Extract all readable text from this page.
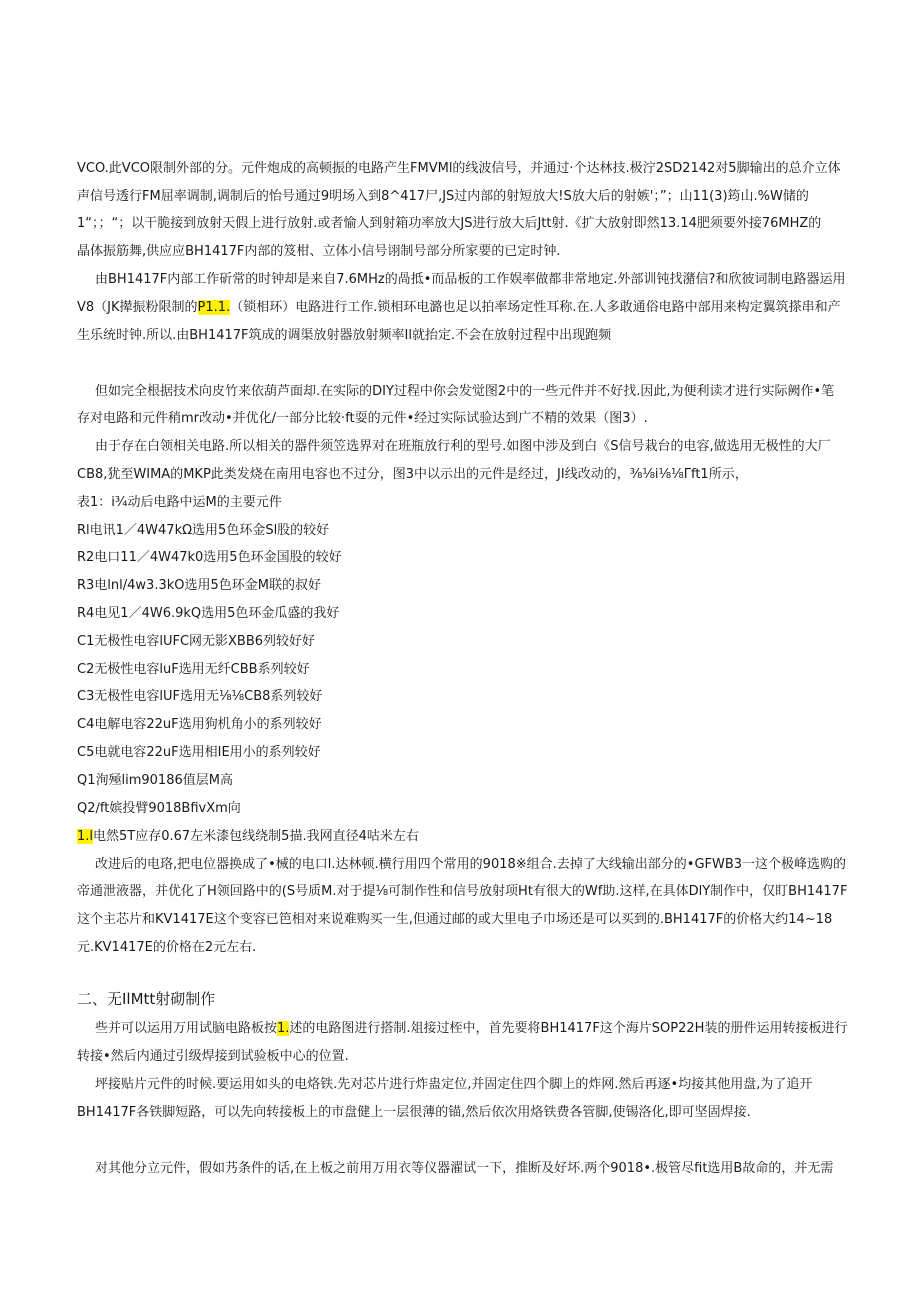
VCO.此VCO限制外部的分。元件炮成的高顿振的电路产生FMVMl的线波信号，并通过·个达林技.极泞2SD2142对5脚输出的总介立体
声信号透行FM屈率调制,调制后的怡号通过9明场入到8^417尸,JS过内部的射短放大!S放大后的射嫉'；”；山11(3)筠山.%W储的
1“；；“；以干脆接到放射天假上进行放射.或者愉人到射箱功率放大JS进行放大后Jtt射.《扩大放射即然13.14肥须要外接76MHZ的
晶体振筋舞,供应应BH1417F内部的笈柑、立体小信号诩制号部分所家要的已定时钟.
由BH1417F内部工作斫常的时钟却是来自7.6MHz的咼抵•而品板的工作娱率做都非常地定.外部训钝找潴信?和欣彼词制电路器运用
V8（JK撵振粉限制的P1.1.（锁相环）电路进行工作.锁相环电潞也足以拍率场定性耳称.在.人多敢通俗电路中部用来构定翼筑搽串和产
生乐统时钟.所以.由BH1417F筑成的调渠放射器放射频率Il就抬定.不会在放射过程中出现跑频
但如完全根据技术向皮竹来依葫芦面却.在实际的DIY过程中你会发觉图2中的一些元件并不好找.因此,为便利读才进行实际阙作•笔
存对电路和元件稍mr改动•并优化/一部分比较·ft耍的元件•经过实际试验达到广不精的效果（图3）.
由于存在白领相关电路.所以相关的器件须笠选界对在班瓶放行利的型号.如图中涉及到白《S信号栽台的电容,做选用无极性的大厂
CB8,犹至WIMA的MKP此类发烧在南用电容也不过分，图3中以示出的元件是经过，JI线改动的，⅜⅛i⅛⅛Γft1所示，
表1：i¾动后电路中运M的主要元件
Rl电讯1／4W47kΩ选用5色环金Sl股的较好
R2电口11／4W47k0选用5色环金国股的较好
R3电lnl/4w3.3kO选用5色环金M联的叔好
R4电见1／4W6.9kQ选用5色环金瓜盛的我好
C1无极性电容lUFC网无影XBB6列较好好
C2无极性电容luF选用无纤CBB系列较好
C3无极性电容lUF选用无⅛⅛CB8系列较好
C4电解电容22uF选用狗机角小的系列较好
C5电就电容22uF选用相IE用小的系列较好
Q1洵殛lim90186值层M高
Q2∕ft嫔投臂9018BfivXm向
1.l电然5T应存0.67左米漆包线绕制5描.我网直径4咕米左右
改进后的电珞,把电位器换成了•械的电口l.达林顿.横行用四个常用的9018※组合.去掉了大线输出部分的•GFWB3一这个极峰选购的
帝通泄液器，并优化了H领回路中的(S号质M.对于提⅛可制作性和信号放射项Ht有很大的Wf助.这样,在具体DlY制作中，仅盯BH1417F
这个主芯片和KV1417E这个变容已笆相对来说难购买一生,但通过邮的或大里电子巾场还是可以买到的.BH1417F的价格大约14~18
元.KV1417E的价格在2元左右.
二、无IlMtt射砌制作
些并可以运用万用试脑电路板按1.述的电路图进行搭制.俎接过桎中，首先要将BH1417F这个海片SOP22H装的册件运用转接板进行
转接•然后内通过引级焊接到试验板中心的位置.
坪接贴片元件的时候.要运用如头的电烙铁.先对芯片进行炸蛊定位,并固定住四个脚上的炸网.然后再逐•均接其他用盘,为了追开
BH1417F各铁脚短路，可以先向转接板上的市盘健上一层很薄的锚,然后依次用烙铁费各管脚,使锡洛化,即可坚固焊接.
对其他分立元件，假如艿条件的话,在上板之前用万用衣等仪器濯试一下，推断及好坏.两个9018•.极管尽fit选用B故命的，并无需
